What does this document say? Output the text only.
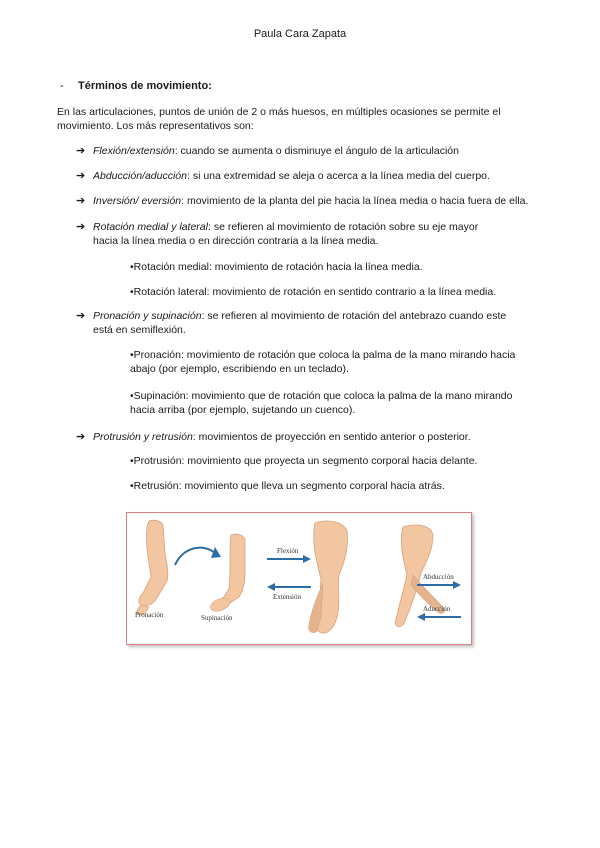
Paula Cara Zapata
- Términos de movimiento:
En las articulaciones, puntos de unión de 2 o más huesos, en múltiples ocasiones se permite el movimiento. Los más representativos son:
➔ Flexión/extensión: cuando se aumenta o disminuye el ángulo de la articulación
➔ Abducción/aducción: si una extremidad se aleja o acerca a la línea media del cuerpo.
➔ Inversión/ eversión: movimiento de la planta del pie hacia la línea media o hacia fuera de ella.
➔ Rotación medial y lateral: se refieren al movimiento de rotación sobre su eje mayor
hacia la línea media o en dirección contraria a la línea media.
•Rotación medial: movimiento de rotación hacia la línea media.
•Rotación lateral: movimiento de rotación en sentido contrario a la línea media.
➔ Pronación y supinación: se refieren al movimiento de rotación del antebrazo cuando este
está en semiflexión.
•Pronación: movimiento de rotación que coloca la palma de la mano mirando hacia
abajo (por ejemplo, escribiendo en un teclado).
•Supinación: movimiento que de rotación que coloca la palma de la mano mirando
hacia arriba (por ejemplo, sujetando un cuenco).
➔ Protrusión y retrusión: movimientos de proyección en sentido anterior o posterior.
•Protrusión: movimiento que proyecta un segmento corporal hacia delante.
•Retrusión: movimiento que lleva un segmento corporal hacia atrás.
Pronación	Supinación
Flexión
Extensión
Abducción
Aducción
